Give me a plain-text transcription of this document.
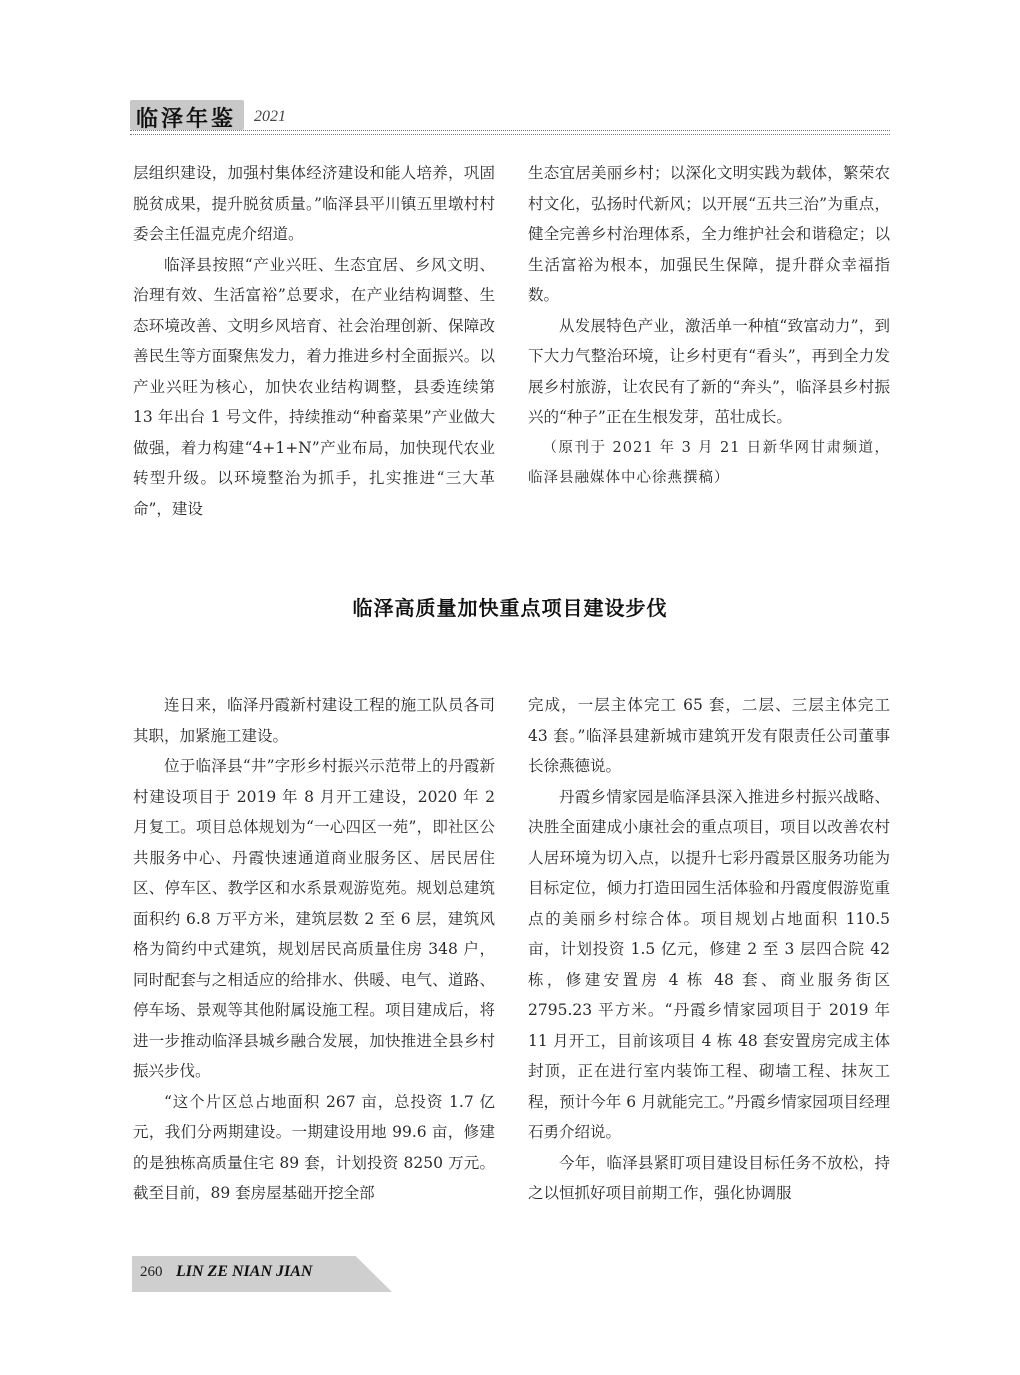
临泽年鉴 2021

层组织建设，加强村集体经济建设和能人培养，巩固脱贫成果，提升脱贫质量。”临泽县平川镇五里墩村村委会主任温克虎介绍道。

临泽县按照“产业兴旺、生态宜居、乡风文明、治理有效、生活富裕”总要求，在产业结构调整、生态环境改善、文明乡风培育、社会治理创新、保障改善民生等方面聚焦发力，着力推进乡村全面振兴。以产业兴旺为核心，加快农业结构调整，县委连续第 13 年出台 1 号文件，持续推动“种畜菜果”产业做大做强，着力构建“4+1+N”产业布局，加快现代农业转型升级。以环境整治为抓手，扎实推进“三大革命”，建设

生态宜居美丽乡村；以深化文明实践为载体，繁荣农村文化，弘扬时代新风；以开展“五共三治”为重点，健全完善乡村治理体系，全力维护社会和谐稳定；以生活富裕为根本，加强民生保障，提升群众幸福指数。

从发展特色产业，激活单一种植“致富动力”，到下大力气整治环境，让乡村更有“看头”，再到全力发展乡村旅游，让农民有了新的“奔头”，临泽县乡村振兴的“种子”正在生根发芽，茁壮成长。

（原刊于 2021 年 3 月 21 日新华网甘肃频道，临泽县融媒体中心徐燕撰稿）

临泽高质量加快重点项目建设步伐

连日来，临泽丹霞新村建设工程的施工队员各司其职，加紧施工建设。

位于临泽县“井”字形乡村振兴示范带上的丹霞新村建设项目于 2019 年 8 月开工建设，2020 年 2 月复工。项目总体规划为“一心四区一苑”，即社区公共服务中心、丹霞快速通道商业服务区、居民居住区、停车区、教学区和水系景观游览苑。规划总建筑面积约 6.8 万平方米，建筑层数 2 至 6 层，建筑风格为简约中式建筑，规划居民高质量住房 348 户，同时配套与之相适应的给排水、供暖、电气、道路、停车场、景观等其他附属设施工程。项目建成后，将进一步推动临泽县城乡融合发展，加快推进全县乡村振兴步伐。

“这个片区总占地面积 267 亩，总投资 1.7 亿元，我们分两期建设。一期建设用地 99.6 亩，修建的是独栋高质量住宅 89 套，计划投资 8250 万元。截至目前，89 套房屋基础开挖全部

完成，一层主体完工 65 套，二层、三层主体完工 43 套。”临泽县建新城市建筑开发有限责任公司董事长徐燕德说。

丹霞乡情家园是临泽县深入推进乡村振兴战略、决胜全面建成小康社会的重点项目，项目以改善农村人居环境为切入点，以提升七彩丹霞景区服务功能为目标定位，倾力打造田园生活体验和丹霞度假游览重点的美丽乡村综合体。项目规划占地面积 110.5 亩，计划投资 1.5 亿元，修建 2 至 3 层四合院 42 栋，修建安置房 4 栋 48 套、商业服务街区 2795.23 平方米。“丹霞乡情家园项目于 2019 年 11 月开工，目前该项目 4 栋 48 套安置房完成主体封顶，正在进行室内装饰工程、砌墙工程、抹灰工程，预计今年 6 月就能完工。”丹霞乡情家园项目经理石勇介绍说。

今年，临泽县紧盯项目建设目标任务不放松，持之以恒抓好项目前期工作，强化协调服

260 LIN ZE NIAN JIAN
